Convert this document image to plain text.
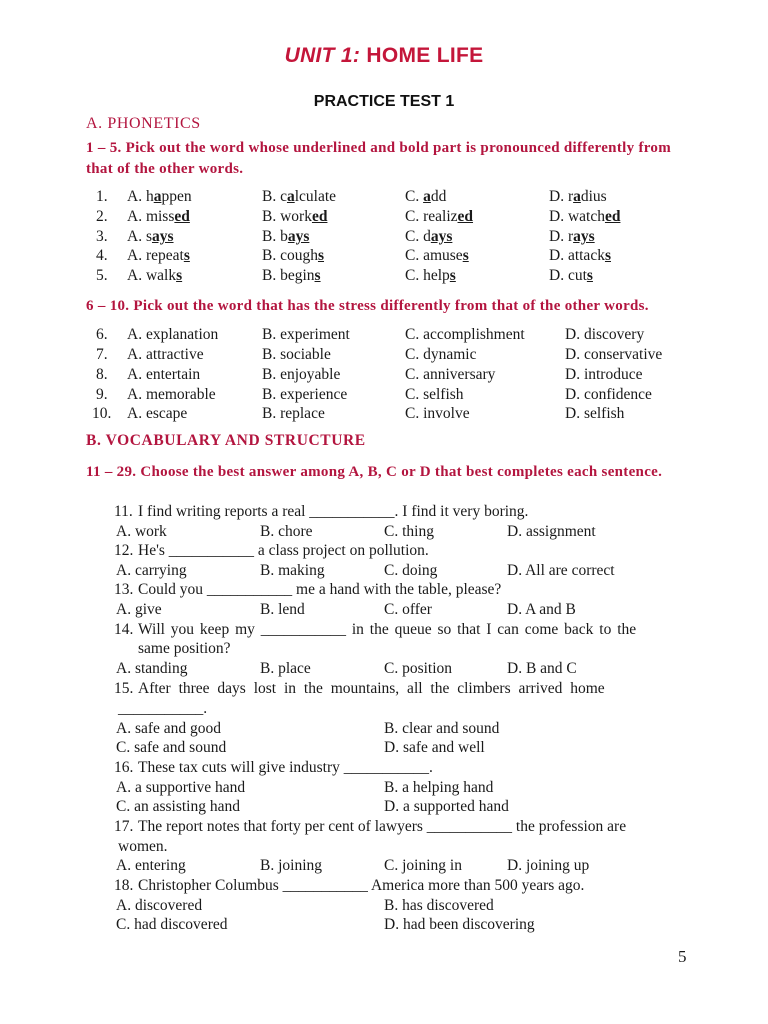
UNIT 1: HOME LIFE
PRACTICE TEST 1
A. PHONETICS
1 – 5. Pick out the word whose underlined and bold part is pronounced differently from that of the other words.
1. A. happen	B. calculate	C. add	D. radius
2. A. missed	B. worked	C. realized	D. watched
3. A. says	B. bays	C. days	D. rays
4. A. repeats	B. coughs	C. amuses	D. attacks
5. A. walks	B. begins	C. helps	D. cuts
6 – 10. Pick out the word that has the stress differently from that of the other words.
6. A. explanation	B. experiment	C. accomplishment	D. discovery
7. A. attractive	B. sociable	C. dynamic	D. conservative
8. A. entertain	B. enjoyable	C. anniversary	D. introduce
9. A. memorable	B. experience	C. selfish	D. confidence
10. A. escape	B. replace	C. involve	D. selfish
B. VOCABULARY AND STRUCTURE
11 – 29. Choose the best answer among A, B, C or D that best completes each sentence.
11. I find writing reports a real ___________. I find it very boring.
A. work	B. chore	C. thing	D. assignment
12. He's ___________ a class project on pollution.
A. carrying	B. making	C. doing	D. All are correct
13. Could you ___________ me a hand with the table, please?
A. give	B. lend	C. offer	D. A and B
14. Will you keep my ___________ in the queue so that I can come back to the
same position?
A. standing	B. place	C. position	D. B and C
15. After three days lost in the mountains, all the climbers arrived home
___________.
A. safe and good	B. clear and sound
C. safe and sound	D. safe and well
16. These tax cuts will give industry ___________.
A. a supportive hand	B. a helping hand
C. an assisting hand	D. a supported hand
17. The report notes that forty per cent of lawyers ___________ the profession are
women.
A. entering	B. joining	C. joining in	D. joining up
18. Christopher Columbus ___________ America more than 500 years ago.
A. discovered	B. has discovered
C. had discovered	D. had been discovering
5
